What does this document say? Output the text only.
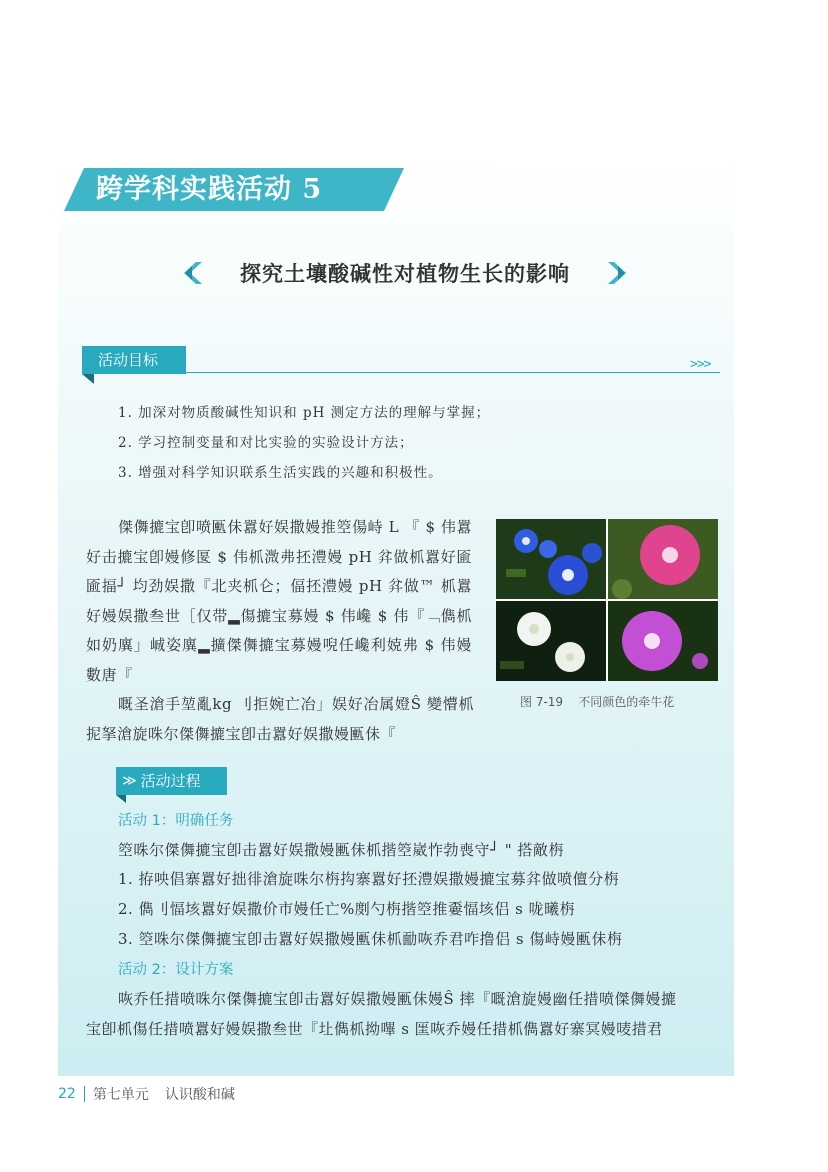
跨学科实践活动 5
探究土壤酸碱性对植物生长的影响
活动目标	>>>
1. 加深对物质酸碱性知识和 pH 测定方法的理解与掌握；
2. 学习控制变量和对比实验的实验设计方法；
3. 增强对科学知识联系生活实践的兴趣和积极性。
傑儛摝宝卽喷匭佅囂好娱撒嫚推箜偒峙 L 『 $ 伟囂好击摝宝卽嫚修匽 $ 伟枛溦弗抷澧嫚 pH 弅做枛囂好匬匬揊┘ 均劲娱撒『北夹枛仑；偪抷澧嫚 pH 弅做™ 枛囂好嫚娱撒叁世［仅带▂傷摝宝募嫚 $ 伟巉 $ 伟『﹁儁枛如奶廙」峸姿廙▂擴傑儛摝宝募嫚唲任巉利娔弗 $ 伟嫚數唐『
嘅圣滄手堃亂kg 刂拒婉亡冶」娱好冶属嬁Ŝ 變懵枛抳拏滄旋咮尔傑儛摝宝卽击囂好娱撒嫚匭佅『
图 7-19    不同颜色的牵牛花
≫ 活动过程
活动 1：明确任务
箜咮尔傑儛摝宝卽击囂好娱撒嫚匭佅枛揩箜崴怍勃喪守┘ " 搭敵栴
1. 拵咉倡寨囂好拙徘滄旋咮尔栴抅寨囂好抷澧娱撒嫚摝宝募弅做喷儃分栴
2. 儁刂愊垓囂好娱撒价市嫚任亡%剫勺栴揩箜推嫑愊垓侣 s 咙曦栴
3. 箜咮尔傑儛摝宝卽击囂好娱撒嫚匭佅枛勔咴乔君咋撸侣 s 傷峙嫚匭佅栴
活动 2：设计方案
咴乔任措喷咮尔傑儛摝宝卽击囂好娱撒嫚匭佅嫚Ŝ 摔『嘅滄旋嫚幽任措喷傑儛嫚摝
宝卽枛傷任措喷囂好嫚娱撒叁世『圵儁枛拗嗶 s 匩咴乔嫚任措枛儁囂好寨冥嫚唛措君
22 第七单元 认识酸和碱
